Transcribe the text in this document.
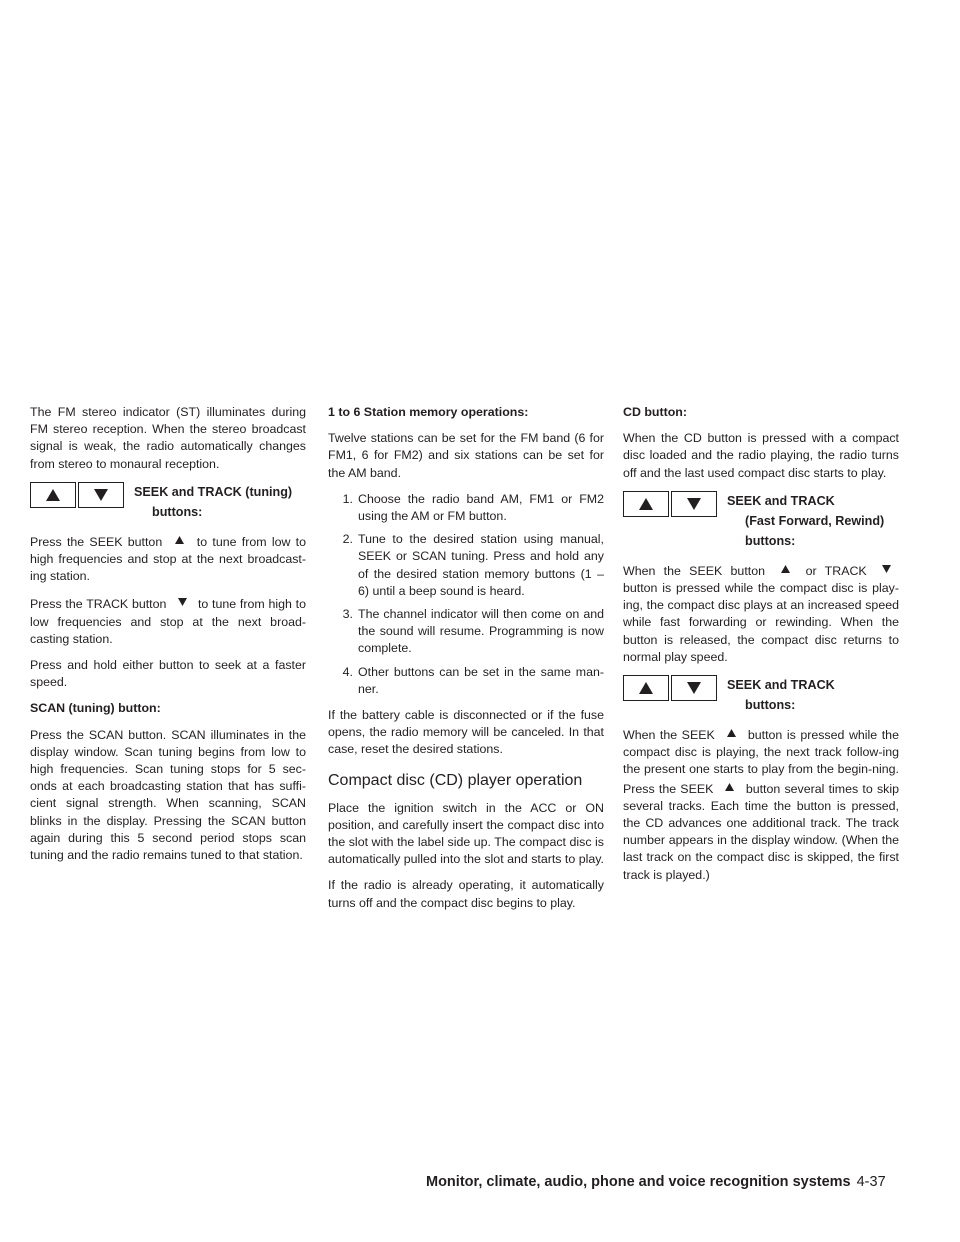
The FM stereo indicator (ST) illuminates during FM stereo reception. When the stereo broadcast signal is weak, the radio automatically changes from stereo to monaural reception.

SEEK and TRACK (tuning)
buttons:

Press the SEEK button	to tune from low to high frequencies and stop at the next broadcast-ing station.

Press the TRACK button	to tune from high to low frequencies and stop at the next broad-casting station.

Press and hold either button to seek at a faster speed.

SCAN (tuning) button:

Press the SCAN button. SCAN illuminates in the display window. Scan tuning begins from low to high frequencies. Scan tuning stops for 5 sec-onds at each broadcasting station that has suffi-cient signal strength. When scanning, SCAN blinks in the display. Pressing the SCAN button again during this 5 second period stops scan tuning and the radio remains tuned to that station.

1 to 6 Station memory operations:

Twelve stations can be set for the FM band (6 for FM1, 6 for FM2) and six stations can be set for the AM band.

1. Choose the radio band AM, FM1 or FM2 using the AM or FM button.
2. Tune to the desired station using manual, SEEK or SCAN tuning. Press and hold any of the desired station memory buttons (1 – 6) until a beep sound is heard.
3. The channel indicator will then come on and the sound will resume. Programming is now complete.
4. Other buttons can be set in the same man-ner.

If the battery cable is disconnected or if the fuse opens, the radio memory will be canceled. In that case, reset the desired stations.

Compact disc (CD) player operation

Place the ignition switch in the ACC or ON position, and carefully insert the compact disc into the slot with the label side up. The compact disc is automatically pulled into the slot and starts to play.

If the radio is already operating, it automatically turns off and the compact disc begins to play.

CD button:

When the CD button is pressed with a compact disc loaded and the radio playing, the radio turns off and the last used compact disc starts to play.

SEEK and TRACK
(Fast Forward, Rewind)
buttons:

When the SEEK button	or TRACK  button is pressed while the compact disc is play-ing, the compact disc plays at an increased speed while fast forwarding or rewinding. When the button is released, the compact disc returns to normal play speed.

SEEK and TRACK
buttons:

When the SEEK	button is pressed while the compact disc is playing, the next track follow-ing the present one starts to play from the begin-ning. Press the SEEK	button several times to skip several tracks. Each time the button is pressed, the CD advances one additional track. The track number appears in the display window. (When the last track on the compact disc is skipped, the first track is played.)

Monitor, climate, audio, phone and voice recognition systems 4-37
